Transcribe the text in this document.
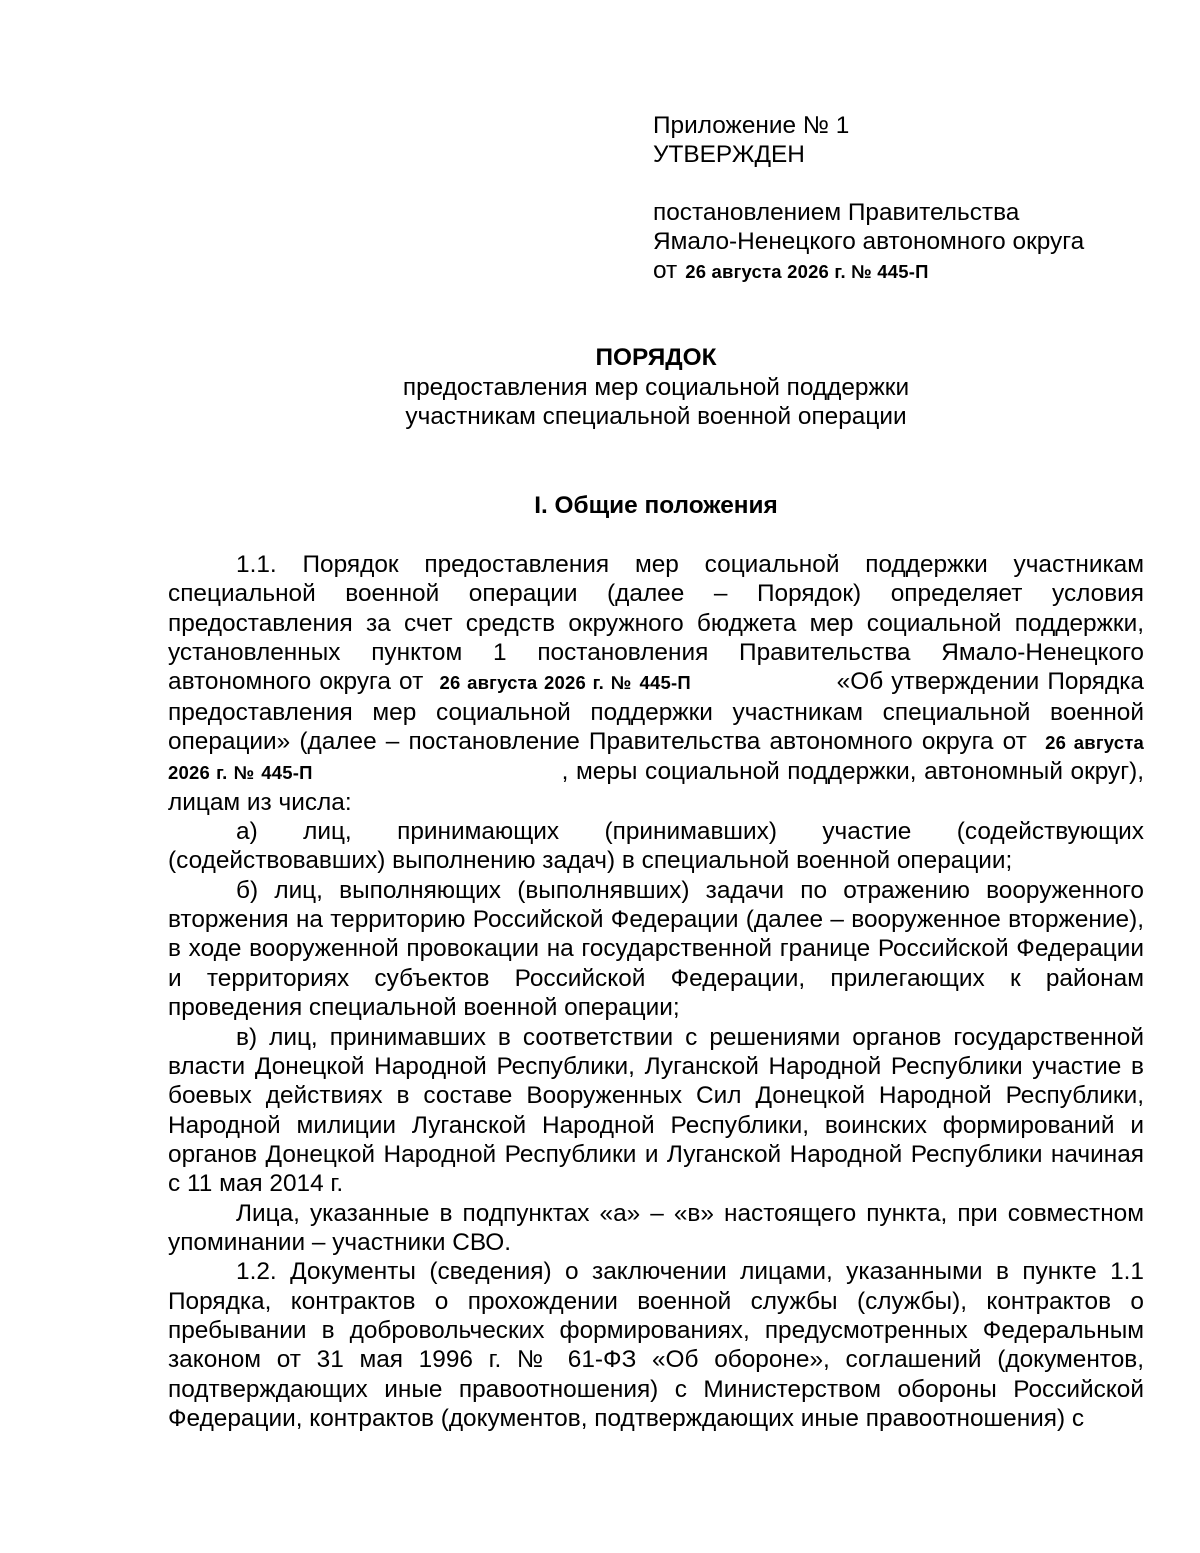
Приложение № 1
УТВЕРЖДЕН
постановлением Правительства
Ямало-Ненецкого автономного округа
от 26 августа 2026 г. № 445-П
ПОРЯДОК
предоставления мер социальной поддержки
участникам специальной военной операции
I. Общие положения

1.1. Порядок предоставления мер социальной поддержки участникам специальной военной операции (далее – Порядок) определяет условия предоставления за счет средств окружного бюджета мер социальной поддержки, установленных пунктом 1 постановления Правительства Ямало-Ненецкого автономного округа от 26 августа 2026 г. № 445-П	«Об утверждении Порядка предоставления мер социальной поддержки участникам специальной военной операции» (далее – постановление Правительства автономного округа от 26 августа 2026 г. № 445-П	, меры социальной поддержки, автономный округ), лицам из числа:

а) лиц, принимающих (принимавших) участие (содействующих (содействовавших) выполнению задач) в специальной военной операции;

б) лиц, выполняющих (выполнявших) задачи по отражению вооруженного вторжения на территорию Российской Федерации (далее – вооруженное вторжение), в ходе вооруженной провокации на государственной границе Российской Федерации и территориях субъектов Российской Федерации, прилегающих к районам проведения специальной военной операции;

в) лиц, принимавших в соответствии с решениями органов государственной власти Донецкой Народной Республики, Луганской Народной Республики участие в боевых действиях в составе Вооруженных Сил Донецкой Народной Республики, Народной милиции Луганской Народной Республики, воинских формирований и органов Донецкой Народной Республики и Луганской Народной Республики начиная с 11 мая 2014 г.

Лица, указанные в подпунктах «а» – «в» настоящего пункта, при совместном упоминании – участники СВО.

1.2. Документы (сведения) о заключении лицами, указанными в пункте 1.1 Порядка, контрактов о прохождении военной службы (службы), контрактов о пребывании в добровольческих формированиях, предусмотренных Федеральным законом от 31 мая 1996 г. № 61-ФЗ «Об обороне», соглашений (документов, подтверждающих иные правоотношения) с Министерством обороны Российской Федерации, контрактов (документов, подтверждающих иные правоотношения) с
